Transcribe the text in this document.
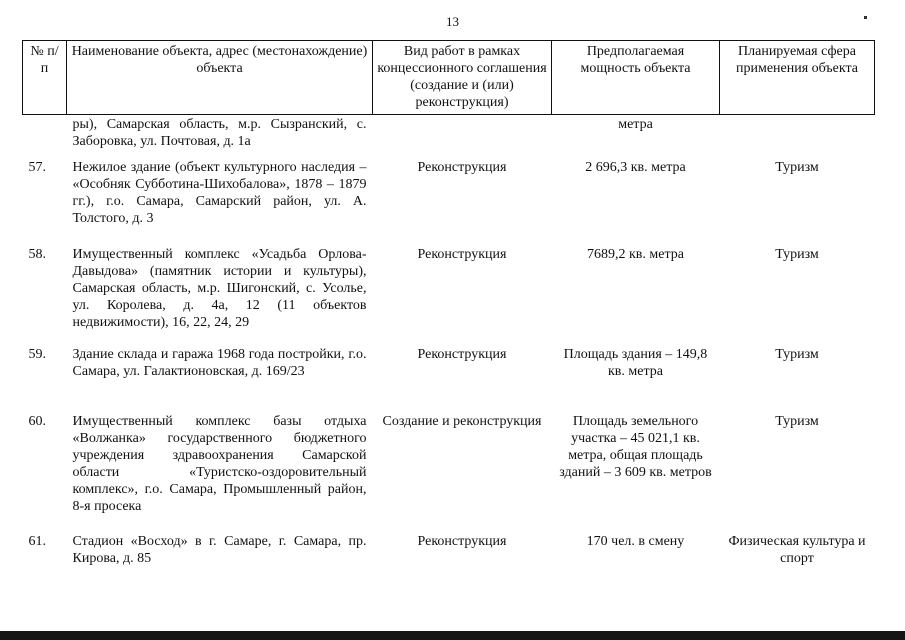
13
№ п/п	Наименование объекта, адрес (местонахождение) объекта	Вид работ в рамках концессионного соглашения (создание и (или) реконструкция)	Предполагаемая мощность объекта	Планируемая сфера применения объекта
	ры), Самарская область, м.р. Сызранский, с. Заборовка, ул. Почтовая, д. 1а		метра	
57.	Нежилое здание (объект культурного наследия – «Особняк Субботина-Шихобалова», 1878 – 1879 гг.), г.о. Самара, Самарский район, ул. А. Толстого, д. 3	Реконструкция	2 696,3 кв. метра	Туризм
58.	Имущественный комплекс «Усадьба Орлова-Давыдова» (памятник истории и культуры), Самарская область, м.р. Шигонский, с. Усолье, ул. Королева, д. 4а, 12 (11 объектов недвижимости), 16, 22, 24, 29	Реконструкция	7689,2 кв. метра	Туризм
59.	Здание склада и гаража 1968 года постройки, г.о. Самара, ул. Галактионовская, д. 169/23	Реконструкция	Площадь здания – 149,8 кв. метра	Туризм
60.	Имущественный комплекс базы отдыха «Волжанка» государственного бюджетного учреждения здравоохранения Самарской области «Туристско-оздоровительный комплекс», г.о. Самара, Промышленный район, 8-я просека	Создание и реконструкция	Площадь земельного участка – 45 021,1 кв. метра, общая площадь зданий – 3 609 кв. метров	Туризм
61.	Стадион «Восход» в г. Самаре, г. Самара, пр. Кирова, д. 85	Реконструкция	170 чел. в смену	Физическая культура и спорт
